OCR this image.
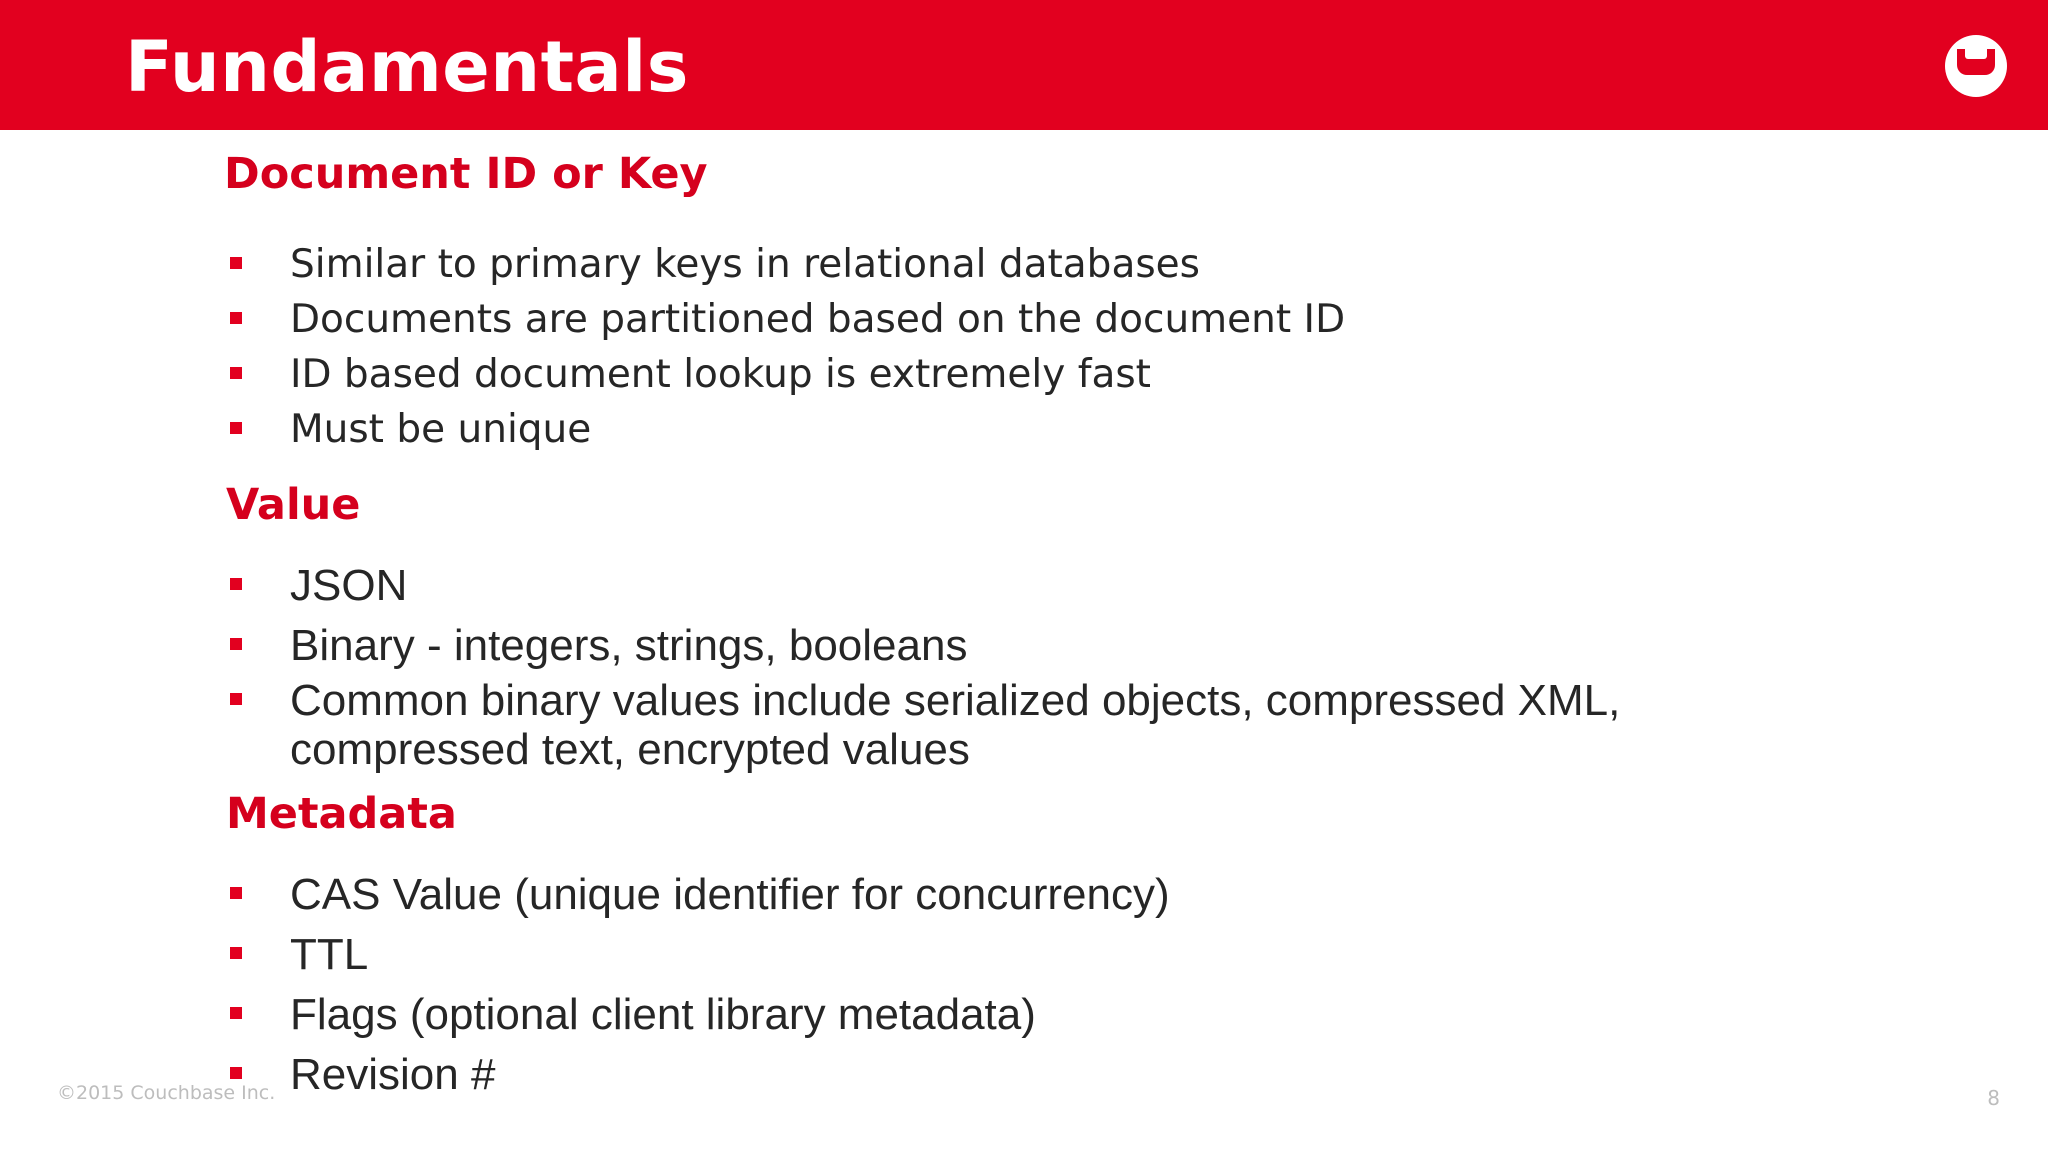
Fundamentals
Document ID or Key
Similar to primary keys in relational databases
Documents are partitioned based on the document ID
ID based document lookup is extremely fast
Must be unique
Value
JSON
Binary - integers, strings, booleans
Common binary values include serialized objects, compressed XML, compressed text, encrypted values
Metadata
CAS Value (unique identifier for concurrency)
TTL
Flags (optional client library metadata)
Revision #
©2015 Couchbase Inc.	8
